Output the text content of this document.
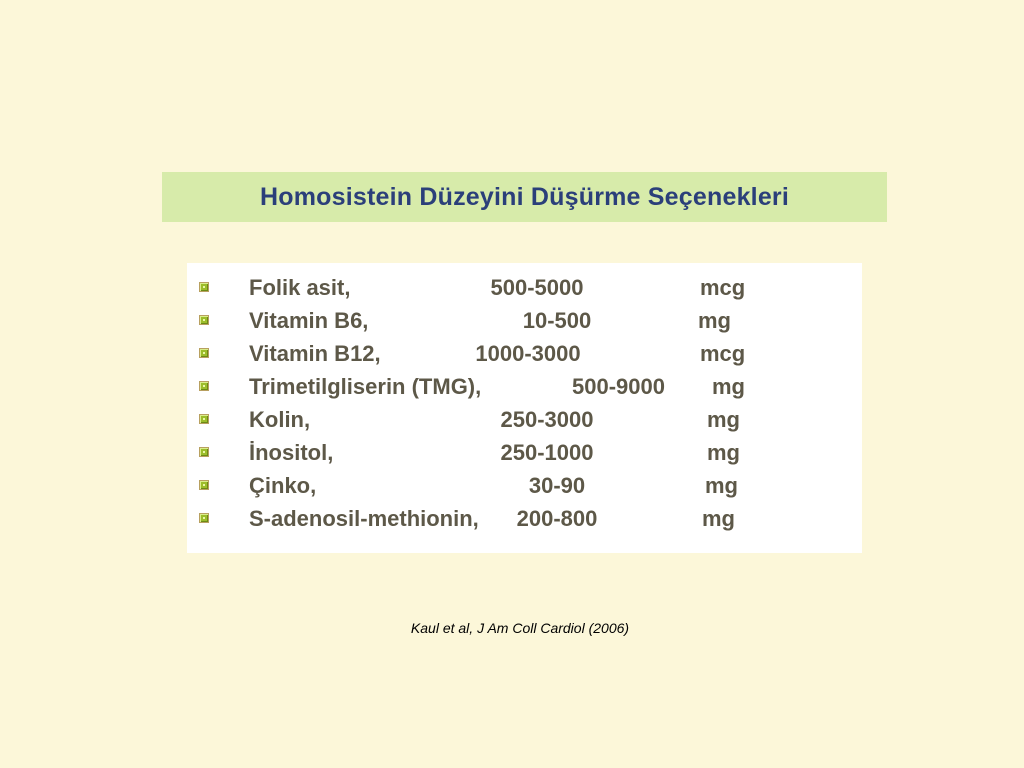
Homosistein Düzeyini Düşürme Seçenekleri
Folik asit,	500-5000	mcg
Vitamin B6,	10-500	mg
Vitamin B12,	1000-3000	mcg
Trimetilgliserin (TMG),	500-9000 mg
Kolin,	250-3000	mg
İnositol,	250-1000	mg
Çinko,	30-90	mg
S-adenosil-methionin,	200-800	mg
Kaul et al, J Am Coll Cardiol (2006)
